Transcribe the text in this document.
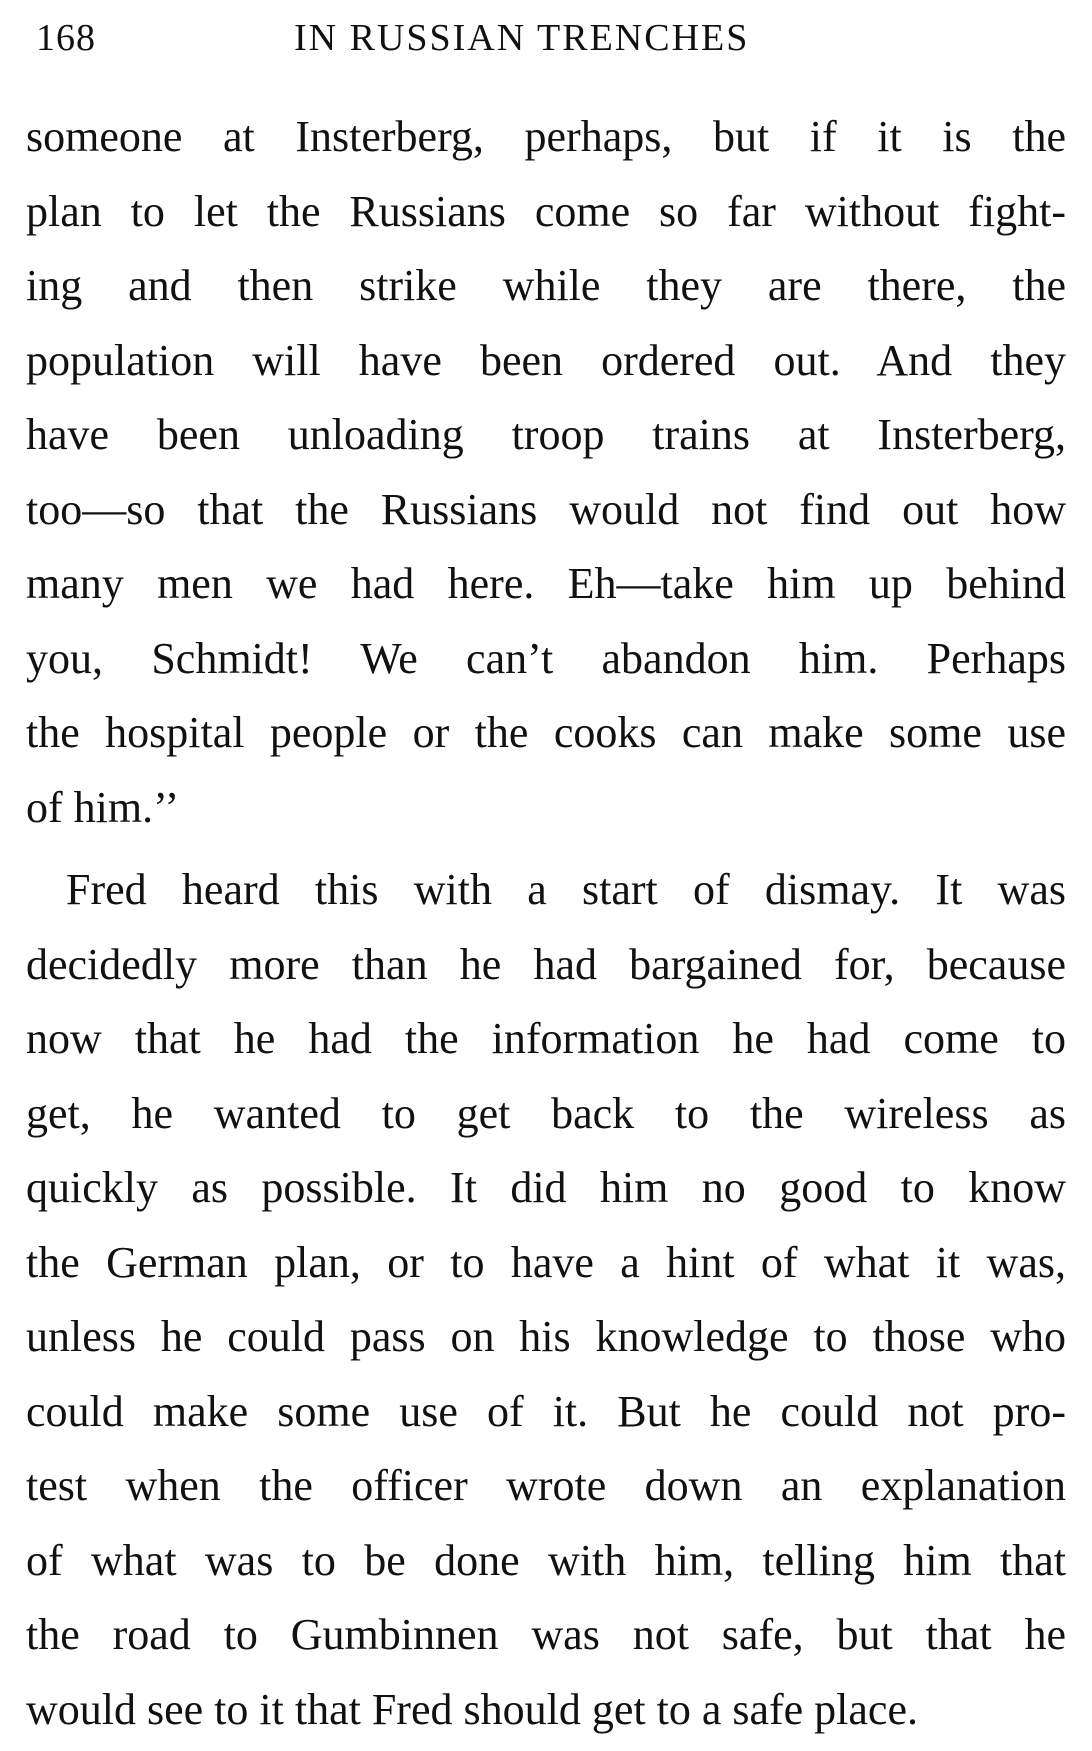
168	IN RUSSIAN TRENCHES
someone at Insterberg, perhaps, but if it is the
plan to let the Russians come so far without fight-
ing and then strike while they are there, the
population will have been ordered out. And they
have been unloading troop trains at Insterberg,
too—so that the Russians would not find out how
many men we had here. Eh—take him up behind
you, Schmidt! We can’t abandon him. Perhaps
the hospital people or the cooks can make some use
of him.’’
Fred heard this with a start of dismay. It was
decidedly more than he had bargained for, because
now that he had the information he had come to
get, he wanted to get back to the wireless as
quickly as possible. It did him no good to know
the German plan, or to have a hint of what it was,
unless he could pass on his knowledge to those who
could make some use of it. But he could not pro-
test when the officer wrote down an explanation
of what was to be done with him, telling him that
the road to Gumbinnen was not safe, but that he
would see to it that Fred should get to a safe place.
